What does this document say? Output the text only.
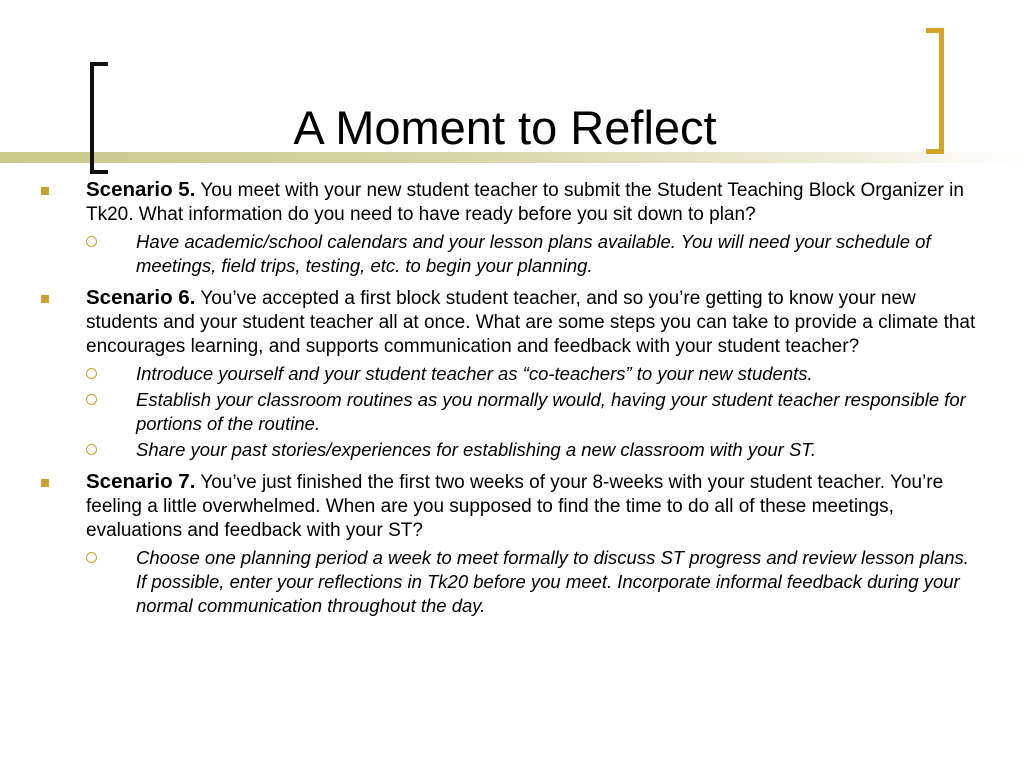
A Moment to Reflect
Scenario 5. You meet with your new student teacher to submit the Student Teaching Block Organizer in Tk20. What information do you need to have ready before you sit down to plan?
Have academic/school calendars and your lesson plans available. You will need your schedule of meetings, field trips, testing, etc. to begin your planning.
Scenario 6. You’ve accepted a first block student teacher, and so you’re getting to know your new students and your student teacher all at once. What are some steps you can take to provide a climate that encourages learning, and supports communication and feedback with your student teacher?
Introduce yourself and your student teacher as “co-teachers” to your new students.
Establish your classroom routines as you normally would, having your student teacher responsible for portions of the routine.
Share your past stories/experiences for establishing a new classroom with your ST.
Scenario 7. You’ve just finished the first two weeks of your 8-weeks with your student teacher. You’re feeling a little overwhelmed. When are you supposed to find the time to do all of these meetings, evaluations and feedback with your ST?
Choose one planning period a week to meet formally to discuss ST progress and review lesson plans. If possible, enter your reflections in Tk20 before you meet. Incorporate informal feedback during your normal communication throughout the day.
